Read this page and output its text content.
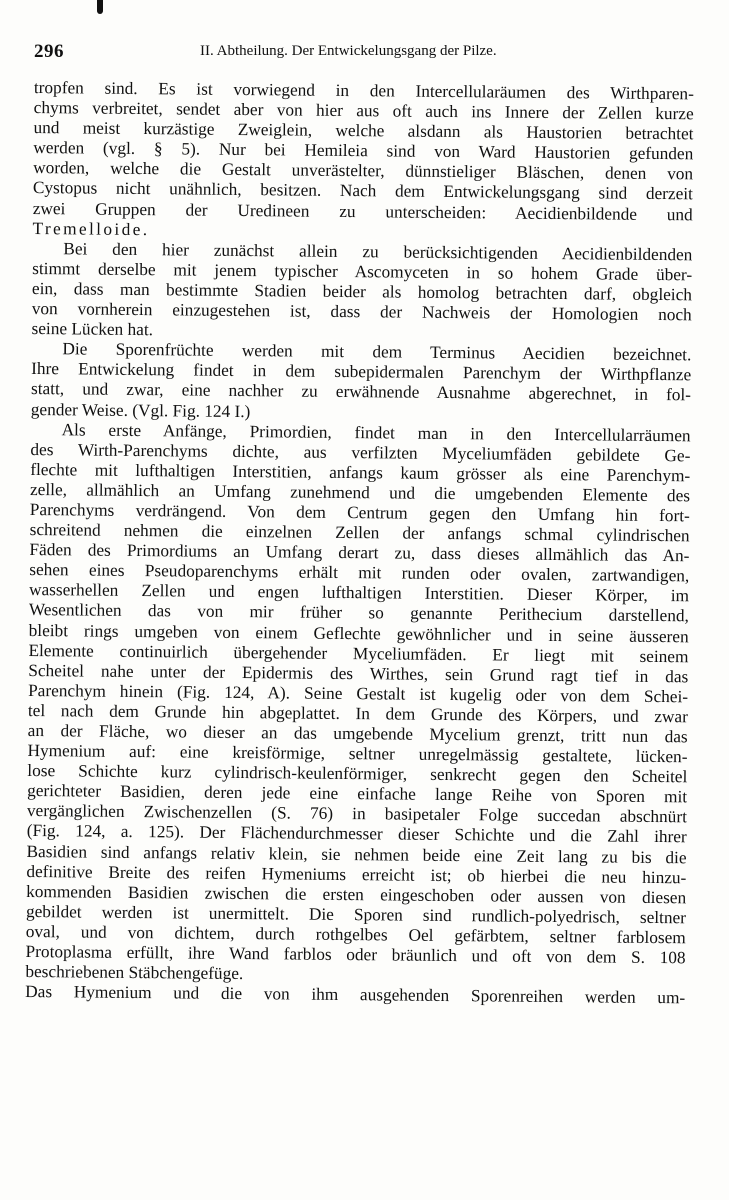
296	II. Abtheilung. Der Entwickelungsgang der Pilze.
tropfen sind. Es ist vorwiegend in den Intercellularäumen des Wirthparen-
chyms verbreitet, sendet aber von hier aus oft auch ins Innere der Zellen kurze
und meist kurzästige Zweiglein, welche alsdann als Haustorien betrachtet
werden (vgl. § 5). Nur bei Hemileia sind von Ward Haustorien gefunden
worden, welche die Gestalt unverästelter, dünnstieliger Bläschen, denen von
Cystopus nicht unähnlich, besitzen. Nach dem Entwickelungsgang sind derzeit
zwei Gruppen der Uredineen zu unterscheiden: Aecidienbildende und
Tremelloide.
Bei den hier zunächst allein zu berücksichtigenden Aecidienbildenden
stimmt derselbe mit jenem typischer Ascomyceten in so hohem Grade über-
ein, dass man bestimmte Stadien beider als homolog betrachten darf, obgleich
von vornherein einzugestehen ist, dass der Nachweis der Homologien noch
seine Lücken hat.
Die Sporenfrüchte werden mit dem Terminus Aecidien bezeichnet.
Ihre Entwickelung findet in dem subepidermalen Parenchym der Wirthpflanze
statt, und zwar, eine nachher zu erwähnende Ausnahme abgerechnet, in fol-
gender Weise. (Vgl. Fig. 124 I.)
Als erste Anfänge, Primordien, findet man in den Intercellularräumen
des Wirth-Parenchyms dichte, aus verfilzten Myceliumfäden gebildete Ge-
flechte mit lufthaltigen Interstitien, anfangs kaum grösser als eine Parenchym-
zelle, allmählich an Umfang zunehmend und die umgebenden Elemente des
Parenchyms verdrängend. Von dem Centrum gegen den Umfang hin fort-
schreitend nehmen die einzelnen Zellen der anfangs schmal cylindrischen
Fäden des Primordiums an Umfang derart zu, dass dieses allmählich das An-
sehen eines Pseudoparenchyms erhält mit runden oder ovalen, zartwandigen,
wasserhellen Zellen und engen lufthaltigen Interstitien. Dieser Körper, im
Wesentlichen das von mir früher so genannte Perithecium darstellend,
bleibt rings umgeben von einem Geflechte gewöhnlicher und in seine äusseren
Elemente continuirlich übergehender Myceliumfäden. Er liegt mit seinem
Scheitel nahe unter der Epidermis des Wirthes, sein Grund ragt tief in das
Parenchym hinein (Fig. 124, A). Seine Gestalt ist kugelig oder von dem Schei-
tel nach dem Grunde hin abgeplattet. In dem Grunde des Körpers, und zwar
an der Fläche, wo dieser an das umgebende Mycelium grenzt, tritt nun das
Hymenium auf: eine kreisförmige, seltner unregelmässig gestaltete, lücken-
lose Schichte kurz cylindrisch-keulenförmiger, senkrecht gegen den Scheitel
gerichteter Basidien, deren jede eine einfache lange Reihe von Sporen mit
vergänglichen Zwischenzellen (S. 76) in basipetaler Folge succedan abschnürt
(Fig. 124, a. 125). Der Flächendurchmesser dieser Schichte und die Zahl ihrer
Basidien sind anfangs relativ klein, sie nehmen beide eine Zeit lang zu bis die
definitive Breite des reifen Hymeniums erreicht ist; ob hierbei die neu hinzu-
kommenden Basidien zwischen die ersten eingeschoben oder aussen von diesen
gebildet werden ist unermittelt. Die Sporen sind rundlich-polyedrisch, seltner
oval, und von dichtem, durch rothgelbes Oel gefärbtem, seltner farblosem
Protoplasma erfüllt, ihre Wand farblos oder bräunlich und oft von dem S. 108
beschriebenen Stäbchengefüge.
Das Hymenium und die von ihm ausgehenden Sporenreihen werden um-
